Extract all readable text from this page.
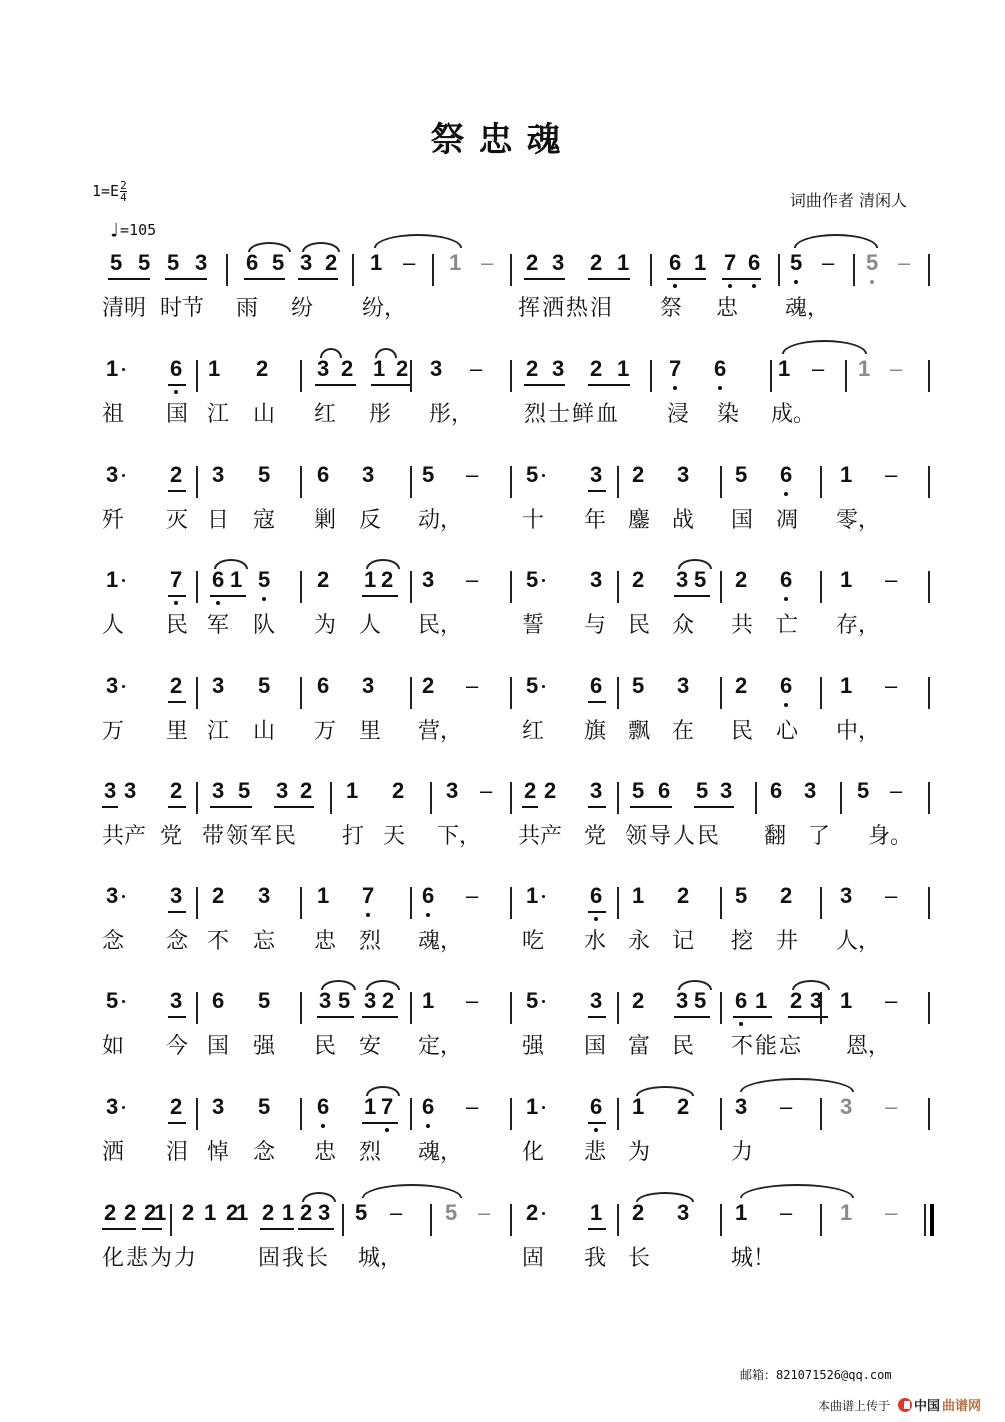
祭忠魂
$1=E \frac{2}{4}$
♩=105
词曲作者 清闲人
5 5 5 3 6 5 3 2 1 – 1 – 2 3 2 1 6 1 7 6 5 – 5 –
清明 时节 雨 纷 纷，	挥洒热泪 祭 忠 魂，
1 6 1 2 3 2 1 2 3 – 2 3 2 1 7 6 1 – 1 –
祖 国 江 山 红 彤 彤， 烈士鲜血 浸 染 成。
3 2 3 5 6 3 5 – 5 3 2 3 5 6 1 –
歼 灭 日 寇 剿 反 动，	十 年 鏖 战 国 凋 零，
1 7 6 1 5 2 1 2 3 – 5 3 2 3 5 2 6 1 –
人 民 军 队 为 人 民，	誓 与 民 众 共 亡 存，
3 2 3 5 6 3 2 – 5 6 5 3 2 6 1 –
万 里 江 山 万 里 营，	红 旗 飘 在 民 心 中，
3 3 2 3 5 3 2 1 2 3 – 2 2 3 5 6 5 3 6 3 5 –
共产 党 带领军民 打 天 下， 共产 党 领导人民 翻 了 身。
3 3 2 3 1 7 6 – 1 6 1 2 5 2 3 –
念 念 不 忘 忠 烈 魂，	吃 水 永 记 挖 井 人，
5 3 6 5 3 5 3 2 1 – 5 3 2 3 5 6 1 2 3 1 –
如 今 国 强 民 安 定，	强 国 富 民 不能忘 恩，
3 2 3 5 6 1 7 6 – 1 6 1 2 3 – 3 –
洒 泪 悼 念 忠 烈 魂，	化 悲 为	力
2 2 2
1 2 1 2
1 2 1 2 3 5 – 5 – 2 1 2 3 1 – 1 –
化悲为力	固我长 城，	固 我 长	城！
邮箱：821071526@qq.com
本曲谱上传于 中国 曲谱网
